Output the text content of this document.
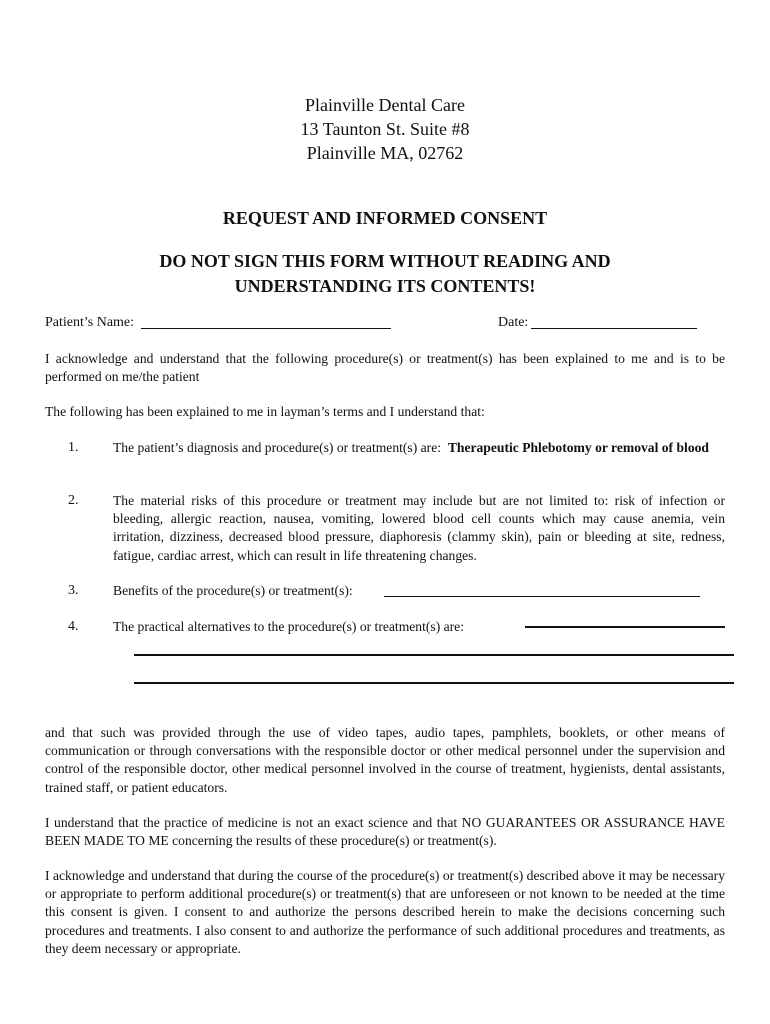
Plainville Dental Care
13 Taunton St. Suite #8
Plainville MA, 02762
REQUEST AND INFORMED CONSENT
DO NOT SIGN THIS FORM WITHOUT READING AND
UNDERSTANDING ITS CONTENTS!
Patient’s Name:	Date:
I acknowledge and understand that the following procedure(s) or treatment(s) has been explained to me and is to be performed on me/the patient
The following has been explained to me in layman’s terms and I understand that:
1.	The patient’s diagnosis and procedure(s) or treatment(s) are: Therapeutic Phlebotomy or removal of blood
2.	The material risks of this procedure or treatment may include but are not limited to: risk of infection or bleeding, allergic reaction, nausea, vomiting, lowered blood cell counts which may cause anemia, vein irritation, dizziness, decreased blood pressure, diaphoresis (clammy skin), pain or bleeding at site, redness, fatigue, cardiac arrest, which can result in life threatening changes.
3.	Benefits of the procedure(s) or treatment(s):
4.	The practical alternatives to the procedure(s) or treatment(s) are:
and that such was provided through the use of video tapes, audio tapes, pamphlets, booklets, or other means of communication or through conversations with the responsible doctor or other medical personnel under the supervision and control of the responsible doctor, other medical personnel involved in the course of treatment, hygienists, dental assistants, trained staff, or patient educators.
I understand that the practice of medicine is not an exact science and that NO GUARANTEES OR ASSURANCE HAVE BEEN MADE TO ME concerning the results of these procedure(s) or treatment(s).
I acknowledge and understand that during the course of the procedure(s) or treatment(s) described above it may be necessary or appropriate to perform additional procedure(s) or treatment(s) that are unforeseen or not known to be needed at the time this consent is given. I consent to and authorize the persons described herein to make the decisions concerning such procedures and treatments. I also consent to and authorize the performance of such additional procedures and treatments, as they deem necessary or appropriate.
